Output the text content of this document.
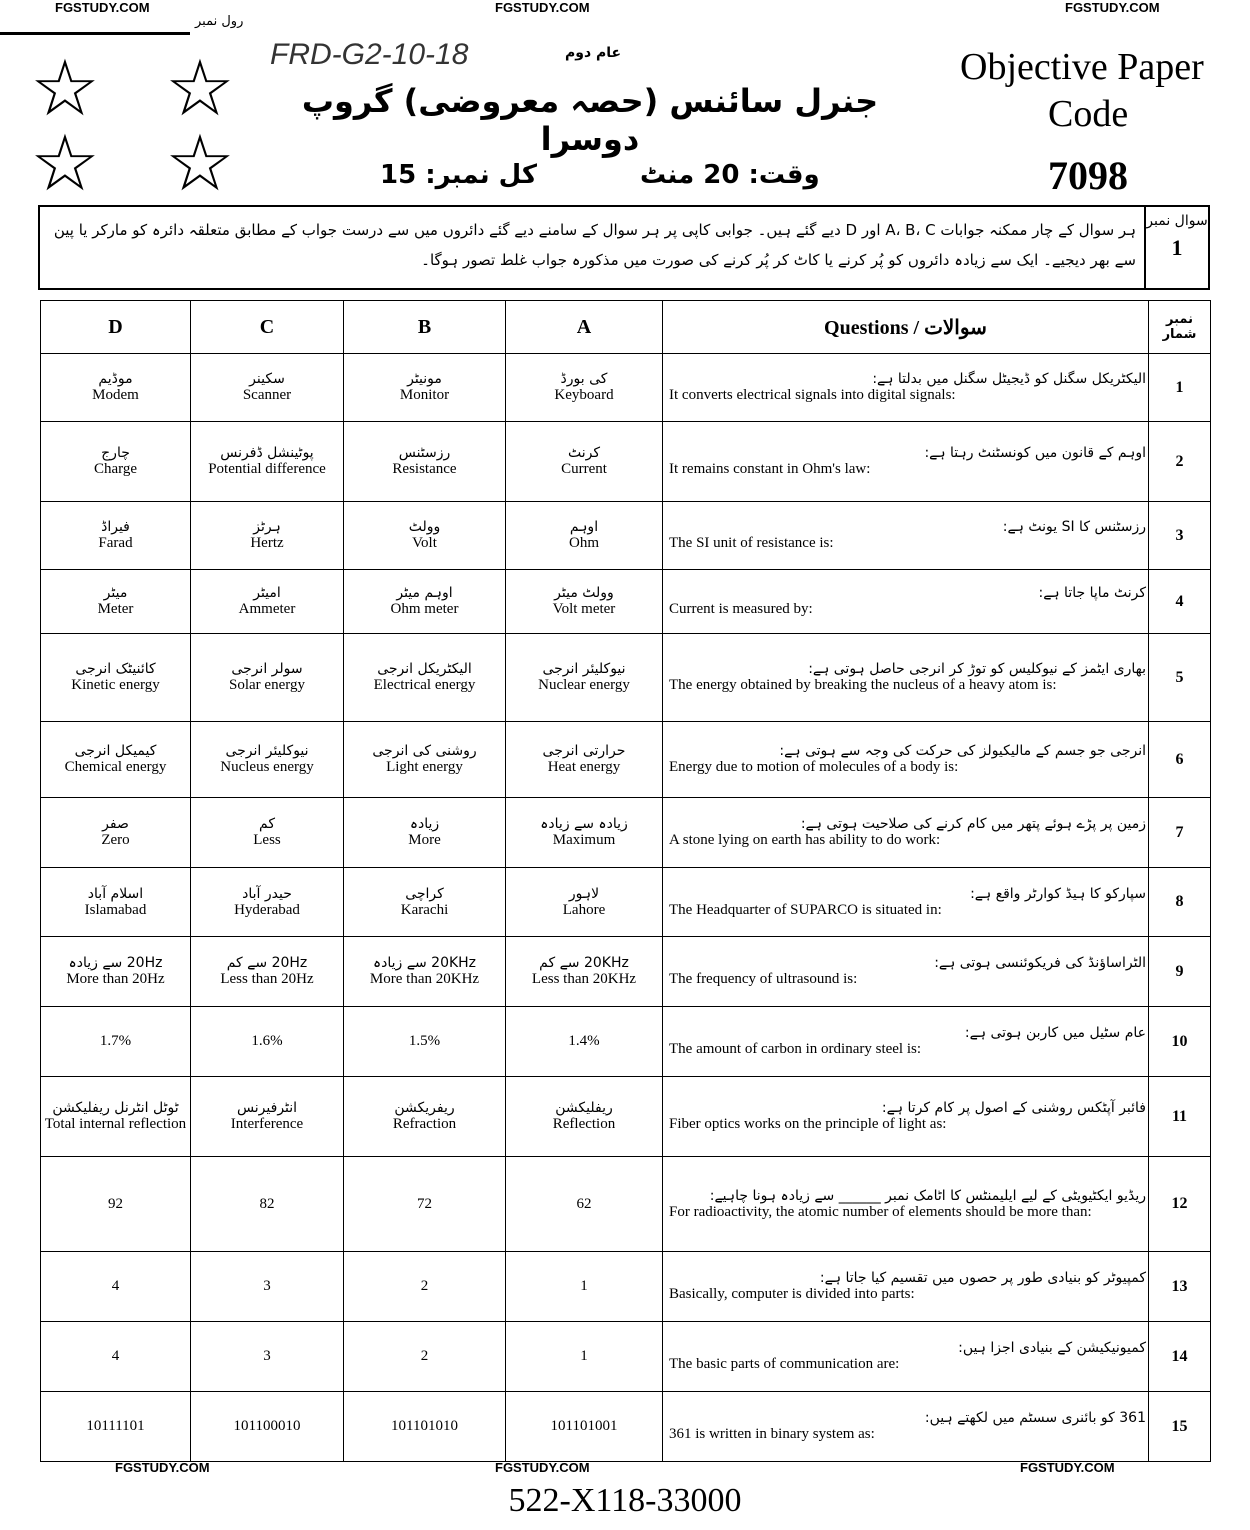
FGSTUDY.COM	FGSTUDY.COM	FGSTUDY.COM
FGSTUDY.COM	FGSTUDY.COM	FGSTUDY.COM
رول نمبر
☆ ☆
☆ ☆
FRD-G2-10-18	عام دوم
جنرل سائنس (حصہ معروضی) گروپ دوسرا
کل نمبر: 15	وقت: 20 منٹ
Objective Paper
Code
7098
ہر سوال کے چار ممکنہ جوابات A، B، C اور D دیے گئے ہیں۔ جوابی کاپی پر ہر سوال کے سامنے دیے گئے دائروں میں سے درست جواب کے مطابق متعلقہ دائرہ کو مارکر یا پین سے بھر دیجیے۔ ایک سے زیادہ دائروں کو پُر کرنے یا کاٹ کر پُر کرنے کی صورت میں مذکورہ جواب غلط تصور ہوگا۔
سوال نمبر
1
D	C	B	A	Questions / سوالات	نمبر شمار

موڈیم
Modem	سکینر
Scanner	مونیٹر
Monitor	کی بورڈ
Keyboard	الیکٹریکل سگنل کو ڈیجیٹل سگنل میں بدلتا ہے:
It converts electrical signals into digital signals:	1

چارج
Charge	پوٹینشل ڈفرنس
Potential difference	رزسٹنس
Resistance	کرنٹ
Current	اوہم کے قانون میں کونسٹنٹ رہتا ہے:
It remains constant in Ohm's law:	2

فیراڈ
Farad	ہرٹز
Hertz	وولٹ
Volt	اوہم
Ohm	رزسٹنس کا SI یونٹ ہے:
The SI unit of resistance is:	3

میٹر
Meter	امیٹر
Ammeter	اوہم میٹر
Ohm meter	وولٹ میٹر
Volt meter	کرنٹ ماپا جاتا ہے:
Current is measured by:	4

کائنیٹک انرجی
Kinetic energy	سولر انرجی
Solar energy	الیکٹریکل انرجی
Electrical energy	نیوکلیئر انرجی
Nuclear energy	بھاری ایٹمز کے نیوکلیس کو توڑ کر انرجی حاصل ہوتی ہے:
The energy obtained by breaking the nucleus of a heavy atom is:	5

کیمیکل انرجی
Chemical energy	نیوکلیئر انرجی
Nucleus energy	روشنی کی انرجی
Light energy	حرارتی انرجی
Heat energy	انرجی جو جسم کے مالیکیولز کی حرکت کی وجہ سے ہوتی ہے:
Energy due to motion of molecules of a body is:	6

صفر
Zero	کم
Less	زیادہ
More	زیادہ سے زیادہ
Maximum	زمین پر پڑے ہوئے پتھر میں کام کرنے کی صلاحیت ہوتی ہے:
A stone lying on earth has ability to do work:	7

اسلام آباد
Islamabad	حیدر آباد
Hyderabad	کراچی
Karachi	لاہور
Lahore	سپارکو کا ہیڈ کوارٹر واقع ہے:
The Headquarter of SUPARCO is situated in:	8

20Hz سے زیادہ
More than 20Hz	20Hz سے کم
Less than 20Hz	20KHz سے زیادہ
More than 20KHz	20KHz سے کم
Less than 20KHz	الٹراساؤنڈ کی فریکوئنسی ہوتی ہے:
The frequency of ultrasound is:	9

1.7%	1.6%	1.5%	1.4%	عام سٹیل میں کاربن ہوتی ہے:
The amount of carbon in ordinary steel is:	10

ٹوٹل انٹرنل ریفلیکشن
Total internal reflection	انٹرفیرنس
Interference	ریفریکشن
Refraction	ریفلیکشن
Reflection	فائبر آپٹکس روشنی کے اصول پر کام کرتا ہے:
Fiber optics works on the principle of light as:	11

92	82	72	62	ریڈیو ایکٹیویٹی کے لیے ایلیمنٹس کا اٹامک نمبر ______ سے زیادہ ہونا چاہیے:
For radioactivity, the atomic number of elements should be more than:	12

4	3	2	1	کمپیوٹر کو بنیادی طور پر حصوں میں تقسیم کیا جاتا ہے:
Basically, computer is divided into parts:	13

4	3	2	1	کمیونیکیشن کے بنیادی اجزا ہیں:
The basic parts of communication are:	14

10111101	101100010	101101010	101101001	361 کو بائنری سسٹم میں لکھتے ہیں:
361 is written in binary system as:	15
522-X118-33000
